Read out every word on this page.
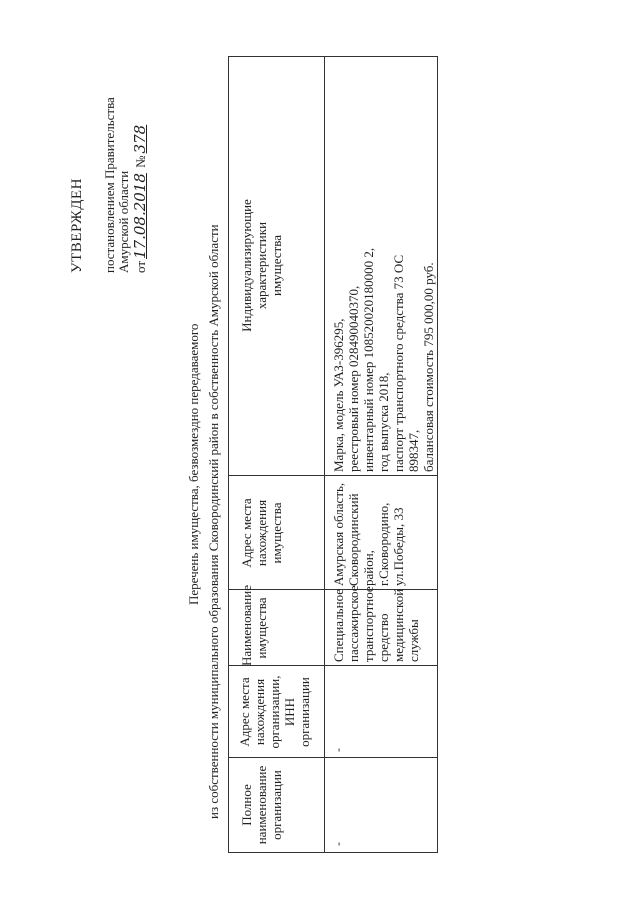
УТВЕРЖДЕН постановлением Правительства Амурской области от17.08.2018 №378
Перечень имущества, безвозмездно передаваемого из собственности муниципального образования Сковородинский район в собственность Амурской области Полное наименование организации
Адрес места нахождения организации, ИНН организации
Наименование имущества
Адрес места нахождения имущества
Индивидуализирующие характеристики имущества
-
-
Специальное пассажирское транспортное средство медицинской службы
Амурская область, Сковородинский район, г.Сковородино, ул.Победы, 33
Марка, модель УАЗ-396295, реестровый номер 028490040370, инвентарный номер 108520020180000 2, год выпуска 2018, паспорт транспортного средства 73 ОС 898347, балансовая стоимость 795 000,00 руб.
